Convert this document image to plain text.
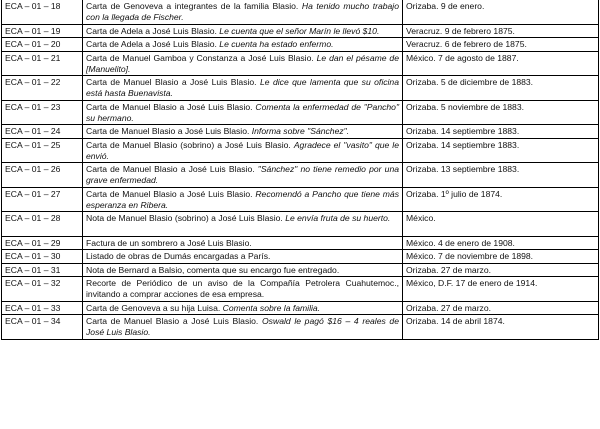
ECA – 01 – 18	Carta de Genoveva a integrantes de la familia Blasio. Ha tenido mucho trabajo con la llegada de Fischer.	Orizaba. 9 de enero.
ECA – 01 – 19	Carta de Adela a José Luis Blasio. Le cuenta que el señor Marín le llevó $10.	Veracruz. 9 de febrero 1875.
ECA – 01 – 20	Carta de Adela a José Luis Blasio. Le cuenta ha estado enfermo.	Veracruz. 6 de febrero de 1875.
ECA – 01 – 21	Carta de Manuel Gamboa y Constanza a José Luis Blasio. Le dan el pésame de [Manuelito].	México. 7 de agosto de 1887.
ECA – 01 – 22	Carta de Manuel Blasio a José Luis Blasio. Le dice que lamenta que su oficina está hasta Buenavista.	Orizaba. 5 de diciembre de 1883.
ECA – 01 – 23	Carta de Manuel Blasio a José Luis Blasio. Comenta la enfermedad de "Pancho" su hermano.	Orizaba. 5 noviembre de 1883.
ECA – 01 – 24	Carta de Manuel Blasio a José Luis Blasio. Informa sobre "Sánchez".	Orizaba. 14 septiembre 1883.
ECA – 01 – 25	Carta de Manuel Blasio (sobrino) a José Luis Blasio. Agradece el "vasito" que le envió.	Orizaba. 14 septiembre 1883.
ECA – 01 – 26	Carta de Manuel Blasio a José Luis Blasio. "Sánchez" no tiene remedio por una grave enfermedad.	Orizaba. 13 septiembre 1883.
ECA – 01 – 27	Carta de Manuel Blasio a José Luis Blasio. Recomendó a Pancho que tiene más esperanza en Ribera.	Orizaba. 1º julio de 1874.
ECA – 01 – 28	Nota de Manuel Blasio (sobrino) a José Luis Blasio. Le envía fruta de su huerto.	México.
ECA – 01 – 29	Factura de un sombrero a José Luis Blasio.	México. 4 de enero de 1908.
ECA – 01 – 30	Listado de obras de Dumás encargadas a París.	México. 7 de noviembre de 1898.
ECA – 01 – 31	Nota de Bernard a Balsio, comenta que su encargo fue entregado.	Orizaba. 27 de marzo.
ECA – 01 – 32	Recorte de Periódico de un aviso de la Compañía Petrolera Cuahutemoc., invitando a comprar acciones de esa empresa.	México, D.F. 17 de enero de 1914.
ECA – 01 – 33	Carta de Genoveva a su hija Luisa. Comenta sobre la familia.	Orizaba. 27 de marzo.
ECA – 01 – 34	Carta de Manuel Blasio a José Luis Blasio. Oswald le pagó $16 – 4 reales de José Luis Blasio.	Orizaba. 14 de abril 1874.
